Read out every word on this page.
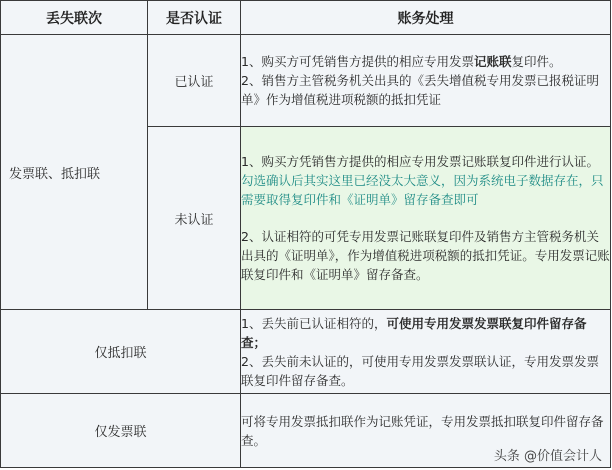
丢失联次	是否认证	账务处理
发票联、抵扣联	已认证	1、购买方可凭销售方提供的相应专用发票记账联复印件。

2、销售方主管税务机关出具的《丢失增值税专用发票已报税证明单》作为增值税进项税额的抵扣凭证

	未认证	1、购买方凭销售方提供的相应专用发票记账联复印件进行认证。

勾选确认后其实这里已经没太大意义，因为系统电子数据存在，只需要取得复印件和《证明单》留存备查即可

2、认证相符的可凭专用发票记账联复印件及销售方主管税务机关出具的《证明单》，作为增值税进项税额的抵扣凭证。专用发票记账联复印件和《证明单》留存备查。

仅抵扣联		1、丢失前已认证相符的，可使用专用发票发票联复印件留存备查；

2、丢失前未认证的，可使用专用发票发票联认证，专用发票发票联复印件留存备查。

仅发票联		可将专用发票抵扣联作为记账凭证，专用发票抵扣联复印件留存备查。

头条 @价值会计人
